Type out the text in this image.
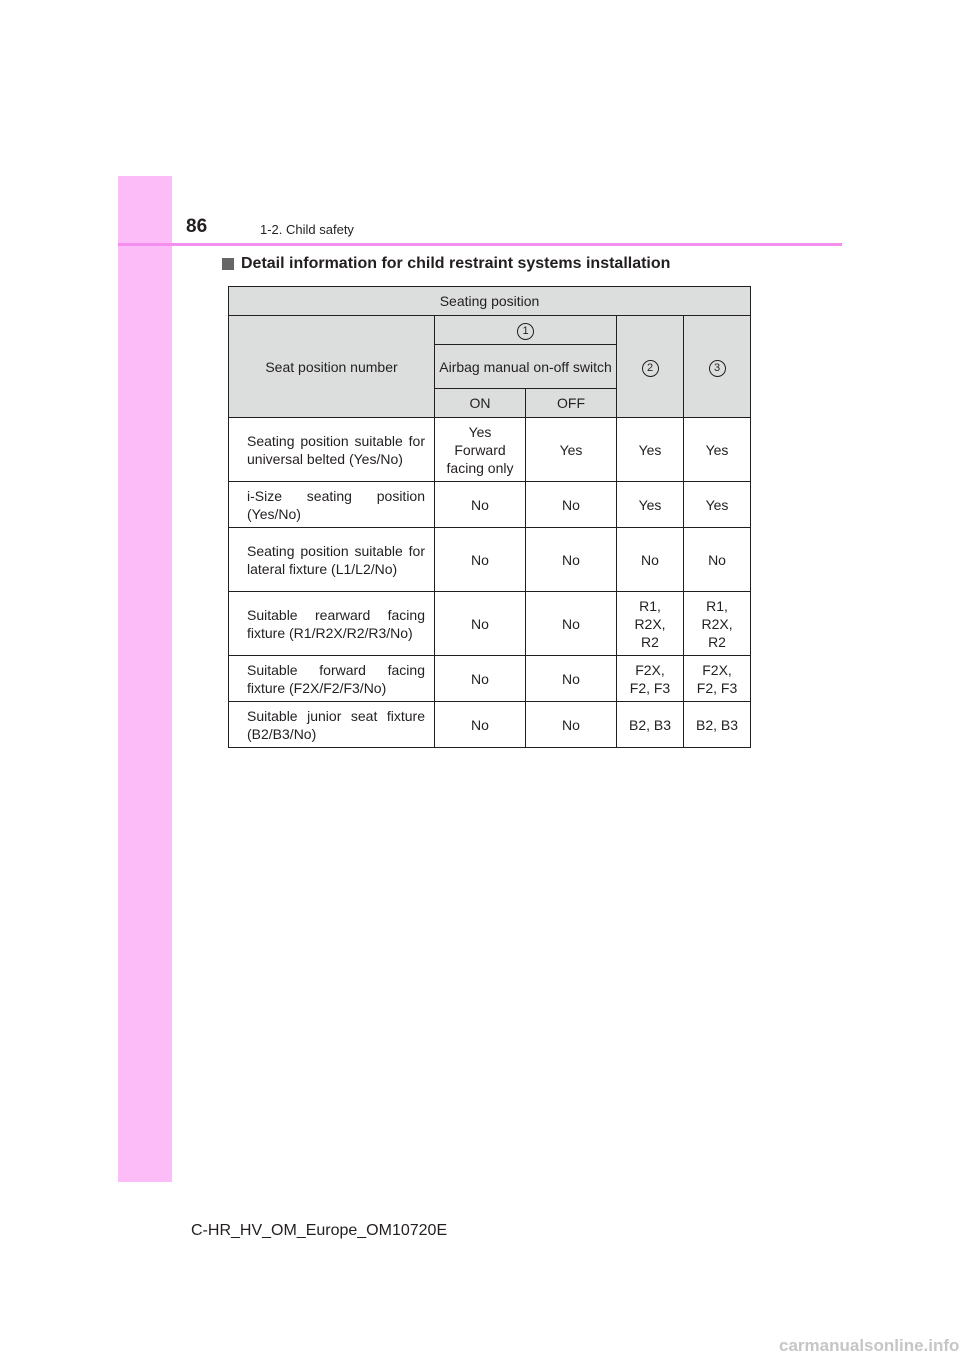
86	1-2. Child safety
Detail information for child restraint systems installation
Seating position				
Seat position number	1		2	3
	Airbag manual on-off switch			
	ON	OFF		
Seating position suitable for universal belted (Yes/No)	Yes Forward facing only	Yes	Yes	Yes
i-Size seating position (Yes/No)	No	No	Yes	Yes
Seating position suitable for lateral fixture (L1/L2/No)	No	No	No	No
Suitable rearward facing fixture (R1/R2X/R2/R3/No)	No	No	R1, R2X, R2	R1, R2X, R2
Suitable forward facing fixture (F2X/F2/F3/No)	No	No	F2X, F2, F3	F2X, F2, F3
Suitable junior seat fixture (B2/B3/No)	No	No	B2, B3	B2, B3
C-HR_HV_OM_Europe_OM10720E
carmanualsonline.info
